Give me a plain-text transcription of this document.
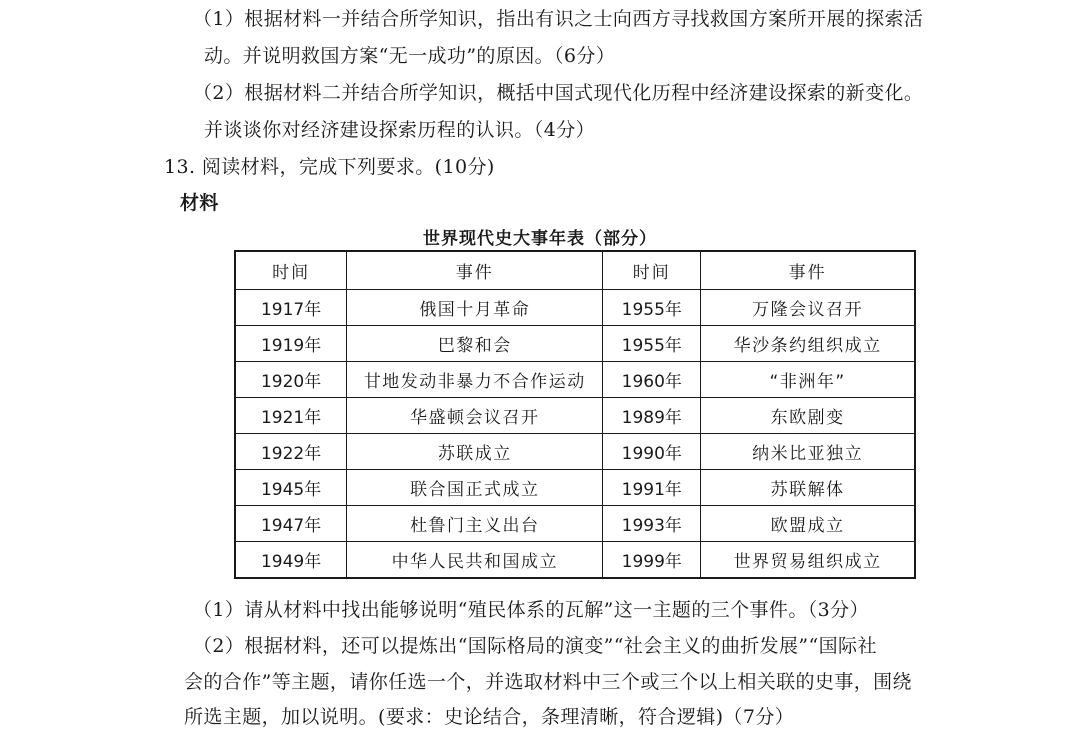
（1）根据材料一并结合所学知识，指出有识之士向西方寻找救国方案所开展的探索活
动。并说明救国方案“无一成功”的原因。（6分）
（2）根据材料二并结合所学知识，概括中国式现代化历程中经济建设探索的新变化。
并谈谈你对经济建设探索历程的认识。（4分）
13. 阅读材料，完成下列要求。(10分)
材料
世界现代史大事年表（部分）
时间	事件	时间	事件
1917年	俄国十月革命	1955年	万隆会议召开
1919年	巴黎和会	1955年	华沙条约组织成立
1920年	甘地发动非暴力不合作运动	1960年	“非洲年”
1921年	华盛顿会议召开	1989年	东欧剧变
1922年	苏联成立	1990年	纳米比亚独立
1945年	联合国正式成立	1991年	苏联解体
1947年	杜鲁门主义出台	1993年	欧盟成立
1949年	中华人民共和国成立	1999年	世界贸易组织成立
（1）请从材料中找出能够说明“殖民体系的瓦解”这一主题的三个事件。（3分）
（2）根据材料，还可以提炼出“国际格局的演变”“社会主义的曲折发展”“国际社
会的合作”等主题，请你任选一个，并选取材料中三个或三个以上相关联的史事，围绕
所选主题，加以说明。(要求：史论结合，条理清晰，符合逻辑)（7分）
